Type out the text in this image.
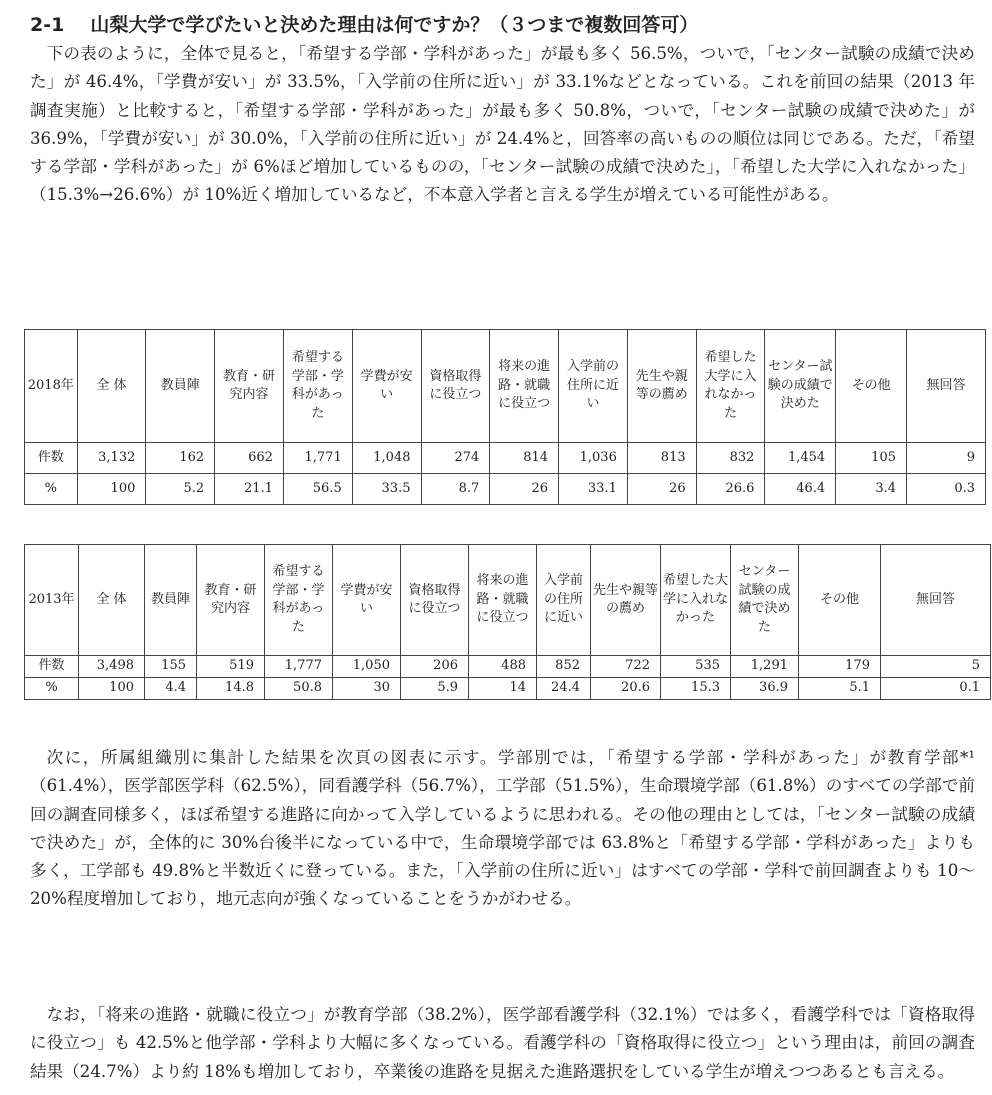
2-1 山梨大学で学びたいと決めた理由は何ですか？（３つまで複数回答可）

下の表のように，全体で見ると，「希望する学部・学科があった」が最も多く 56.5%，ついで，「センター試験の成績で決めた」が 46.4%，「学費が安い」が 33.5%，「入学前の住所に近い」が 33.1%などとなっている。これを前回の結果（2013 年調査実施）と比較すると，「希望する学部・学科があった」が最も多く 50.8%，ついで，「センター試験の成績で決めた」が 36.9%，「学費が安い」が 30.0%，「入学前の住所に近い」が 24.4%と，回答率の高いものの順位は同じである。ただ，「希望する学部・学科があった」が 6%ほど増加しているものの，「センター試験の成績で決めた」，「希望した大学に入れなかった」（15.3%→26.6%）が 10%近く増加しているなど，不本意入学者と言える学生が増えている可能性がある。

2018年	全 体	教員陣	教育・研究内容	希望する学部・学科があった	学費が安い	資格取得に役立つ	将来の進路・就職に役立つ	入学前の住所に近い	先生や親等の薦め	希望した大学に入れなかった	センター試験の成績で決めた	その他	無回答
件数	3,132	162	662	1,771	1,048	274	814	1,036	813	832	1,454	105	9
%	100	5.2	21.1	56.5	33.5	8.7	26	33.1	26	26.6	46.4	3.4	0.3
2013年	全 体	教員陣	教育・研究内容	希望する学部・学科があった	学費が安い	資格取得に役立つ	将来の進路・就職に役立つ	入学前の住所に近い	先生や親等の薦め	希望した大学に入れなかった	センター試験の成績で決めた	その他	無回答
件数	3,498	155	519	1,777	1,050	206	488	852	722	535	1,291	179	5
%	100	4.4	14.8	50.8	30	5.9	14	24.4	20.6	15.3	36.9	5.1	0.1

次に，所属組織別に集計した結果を次頁の図表に示す。学部別では，「希望する学部・学科があった」が教育学部*¹（61.4%），医学部医学科（62.5%），同看護学科（56.7%），工学部（51.5%），生命環境学部（61.8%）のすべての学部で前回の調査同様多く，ほぼ希望する進路に向かって入学しているように思われる。その他の理由としては，「センター試験の成績で決めた」が，全体的に 30%台後半になっている中で，生命環境学部では 63.8%と「希望する学部・学科があった」よりも多く，工学部も 49.8%と半数近くに登っている。また，「入学前の住所に近い」はすべての学部・学科で前回調査よりも 10～20%程度増加しており，地元志向が強くなっていることをうかがわせる。

なお，「将来の進路・就職に役立つ」が教育学部（38.2%），医学部看護学科（32.1%）では多く，看護学科では「資格取得に役立つ」も 42.5%と他学部・学科より大幅に多くなっている。看護学科の「資格取得に役立つ」という理由は，前回の調査結果（24.7%）より約 18%も増加しており，卒業後の進路を見据えた進路選択をしている学生が増えつつあるとも言える。
